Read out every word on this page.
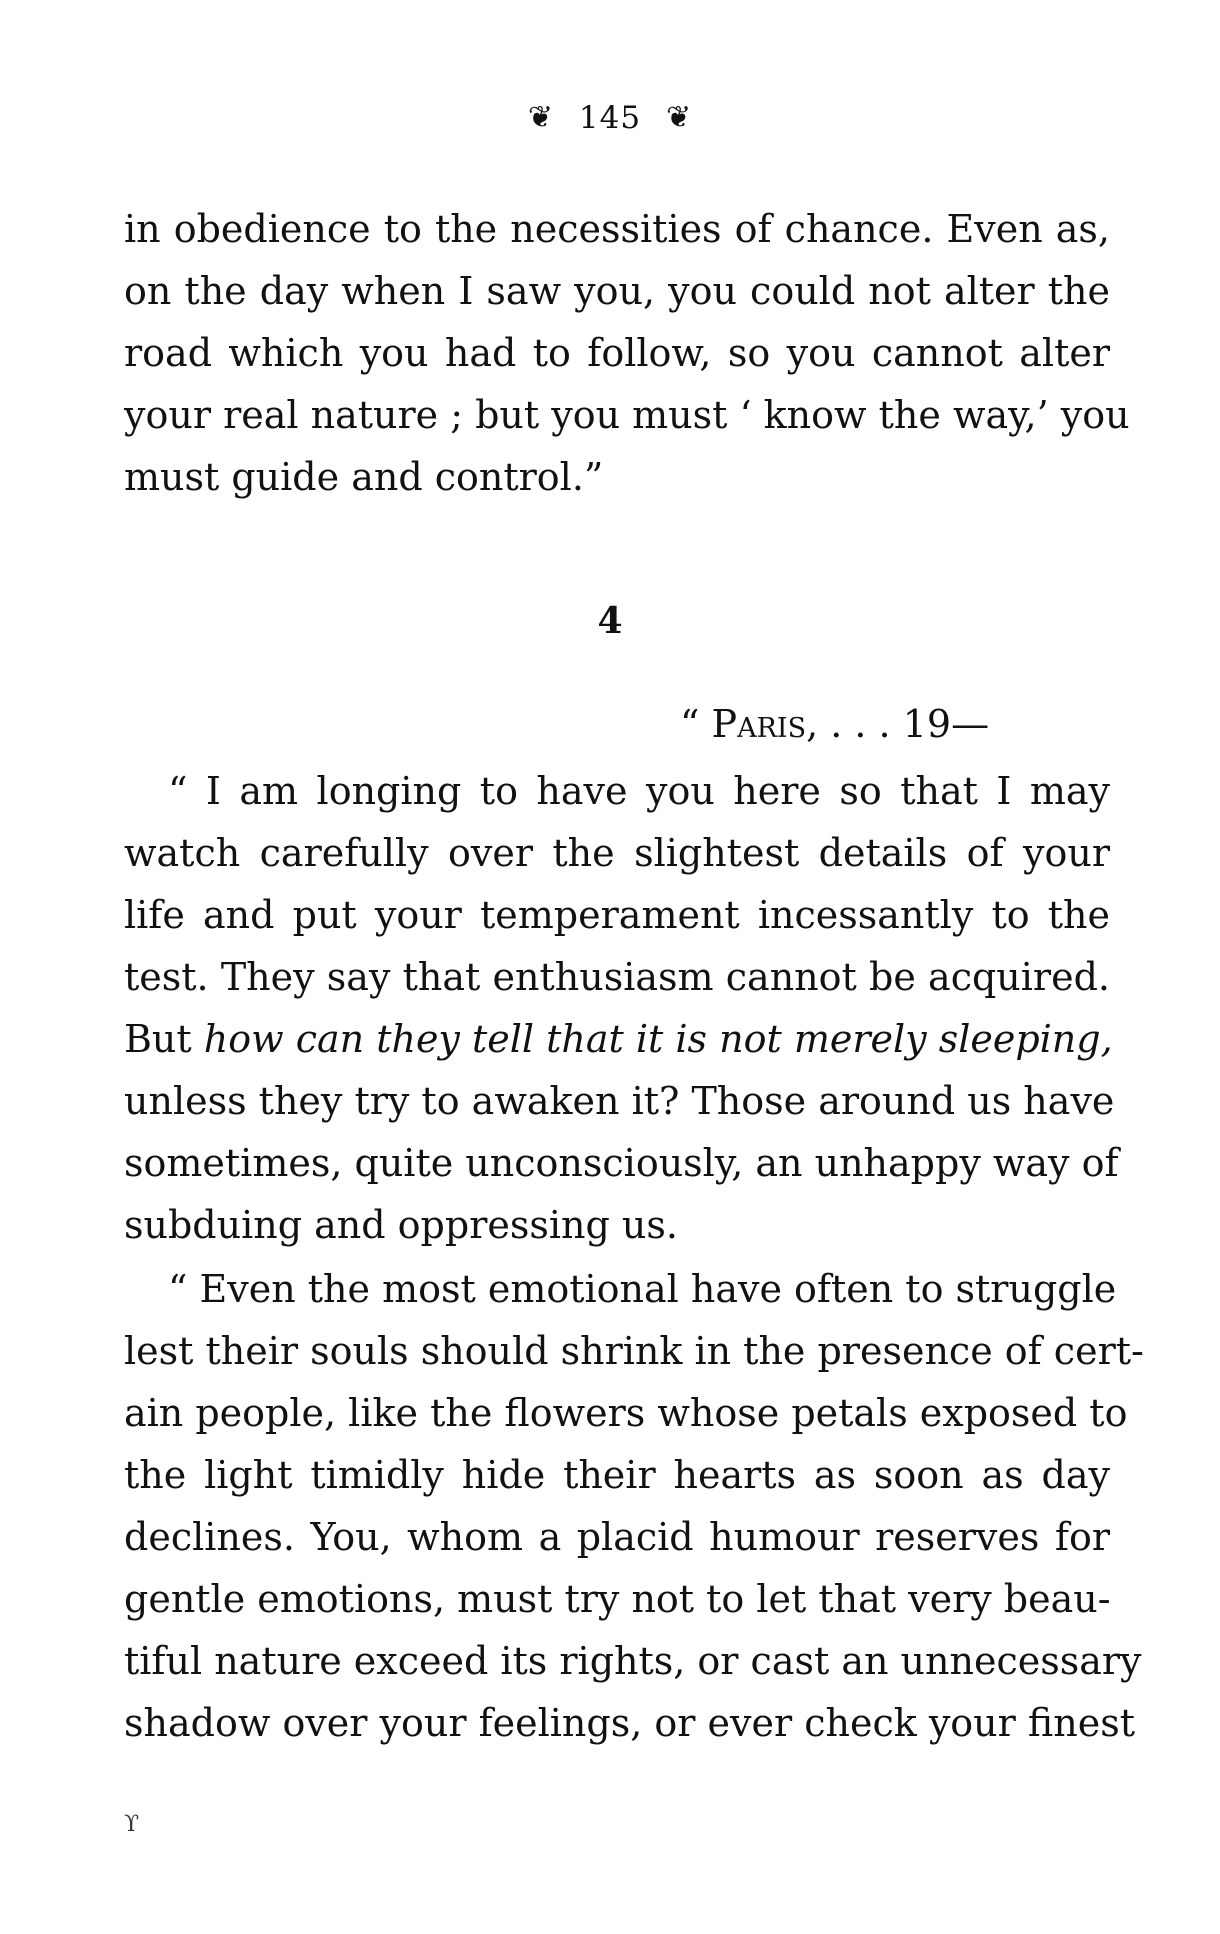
❦ 145 ❦
in obedience to the necessities of chance. Even as,
on the day when I saw you, you could not alter the
road which you had to follow, so you cannot alter
your real nature ; but you must ‘ know the way,’ you
must guide and control.”
4
“ Paris, . . . 19—
“ I am longing to have you here so that I may
watch carefully over the slightest details of your
life and put your temperament incessantly to the
test. They say that enthusiasm cannot be acquired.
But how can they tell that it is not merely sleeping,
unless they try to awaken it? Those around us have
sometimes, quite unconsciously, an unhappy way of
subduing and oppressing us.
“ Even the most emotional have often to struggle
lest their souls should shrink in the presence of cert-
ain people, like the flowers whose petals exposed to
the light timidly hide their hearts as soon as day
declines. You, whom a placid humour reserves for
gentle emotions, must try not to let that very beau-
tiful nature exceed its rights, or cast an unnecessary
shadow over your feelings, or ever check your finest
ϒ
